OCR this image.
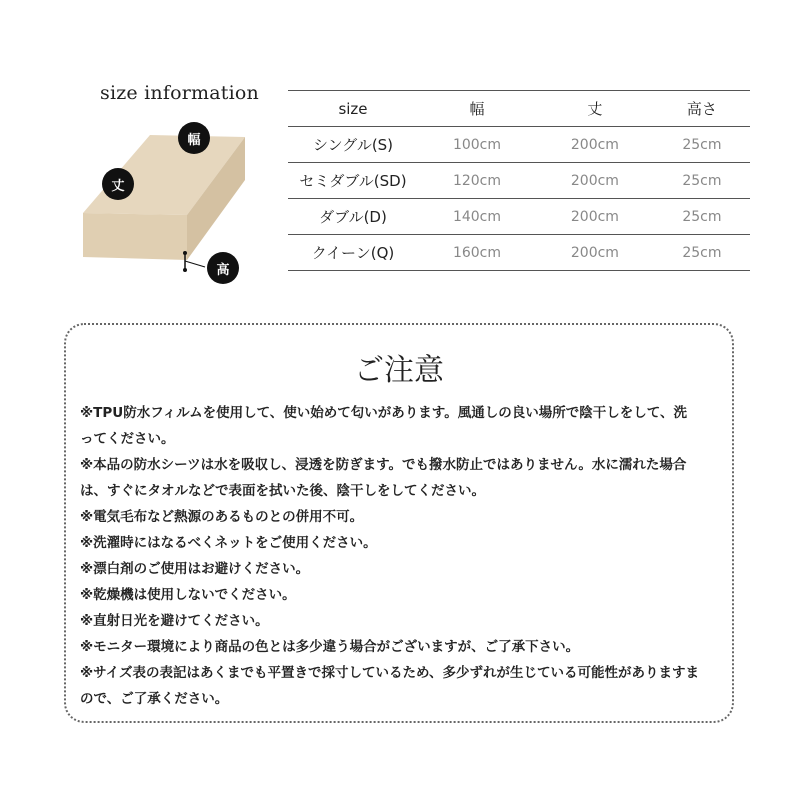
size information
幅
丈
高
size	幅	丈	高さ
シングル(S)	100cm	200cm	25cm
セミダブル(SD)	120cm	200cm	25cm
ダブル(D)	140cm	200cm	25cm
クイーン(Q)	160cm	200cm	25cm
ご注意
※TPU防水フィルムを使用して、使い始めて匂いがあります。風通しの良い場所で陰干しをして、洗
ってください。
※本品の防水シーツは水を吸収し、浸透を防ぎます。でも撥水防止ではありません。水に濡れた場合
は、すぐにタオルなどで表面を拭いた後、陰干しをしてください。
※電気毛布など熱源のあるものとの併用不可。
※洗濯時にはなるべくネットをご使用ください。
※漂白剤のご使用はお避けください。
※乾燥機は使用しないでください。
※直射日光を避けてください。
※モニター環境により商品の色とは多少違う場合がございますが、ご了承下さい。
※サイズ表の表記はあくまでも平置きで採寸しているため、多少ずれが生じている可能性がありますま
ので、ご了承ください。
